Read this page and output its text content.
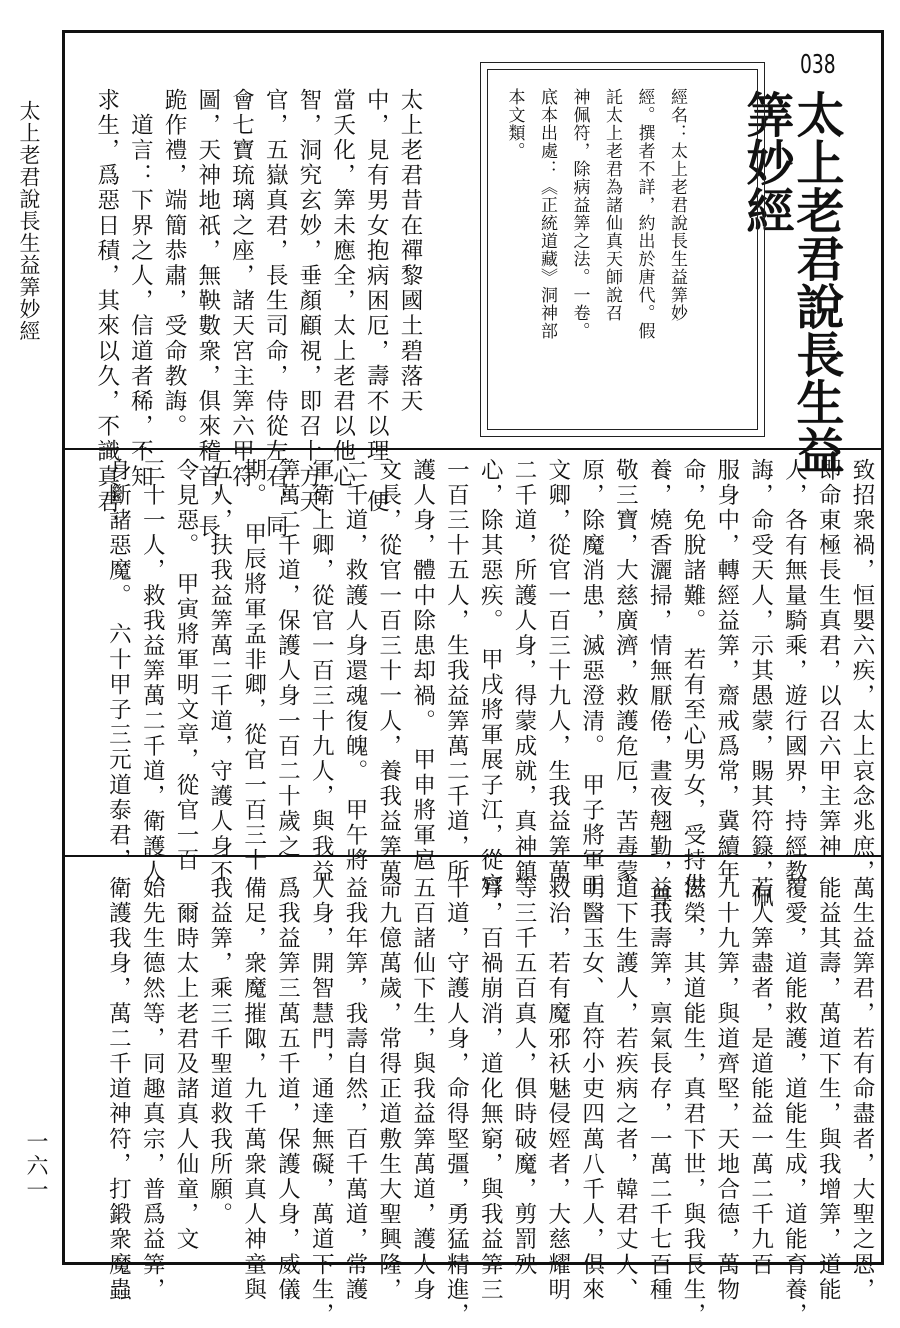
太上老君說長生益筭妙經

一六一
038

太上老君說長生益

筭妙經

經名：太上老君說長生益筭妙

經。撰者不詳，約出於唐代。假

託太上老君為諸仙真天師說召

神佩符，除病益筭之法。一卷。

底本出處：《正統道藏》洞神部

本文類。

太上老君昔在禪黎國土碧落天

中，見有男女抱病困厄，壽不以理，便

當夭化，筭未應全，太上老君以他心

智，洞究玄妙，垂顏顧視，即召十方天

官，五嶽真君，長生司命，侍從左右，同

會七寶琉璃之座，諸天宮主筭六甲符

圖，天神地祇，無鞅數衆，俱來稽首，長

跪作禮，端簡恭肅，受命教誨。

　道言：下界之人，信道者稀，不知

求生，爲惡日積，其來以久，不識真君，

致招衆禍，恒嬰六疾，太上哀念兆庶，

即命東極長生真君，以召六甲主筭神

人，各有無量騎乘，遊行國界，持經教

誨，命受天人，示其愚蒙，賜其符籙，佩

服身中，轉經益筭，齋戒爲常，冀續年

命，免脫諸難。　若有至心男女，受持供

養，燒香灑掃，情無厭倦，晝夜翹勤，尊

敬三寶，大慈廣濟，救護危厄，苦毒蒙

原，除魔消患，滅惡澄清。　甲子將軍王

文卿，從官一百三十九人，生我益筭萬

二千道，所護人身，得蒙成就，真神鎮

心，除其惡疾。　甲戌將軍展子江，從官

一百三十五人，生我益筭萬二千道，所

護人身，體中除患却禍。　甲申將軍扈

文長，從官一百三十一人，養我益筭萬

二千道，救護人身還魂復魄。　甲午將

軍衛上卿，從官一百三十九人，與我益

筭萬二千道，保護人身一百二十歲之

期。　甲辰將軍孟非卿，從官一百三十

五人，扶我益筭萬二千道，守護人身不

令見惡。　甲寅將軍明文章，從官一百

三十一人，救我益筭萬二千道，衛護人

身斷諸惡魔。　六十甲子三元道泰君，

萬生益筭君，若有命盡者，大聖之恩，

能益其壽，萬道下生，與我增筭，道能

覆愛，道能救護，道能生成，道能育養，

若人筭盡者，是道能益一萬二千九百

九十九筭，與道齊堅，天地合德，萬物

滋榮，其道能生，真君下世，與我長生，

益我壽筭，禀氣長存，一萬二千七百種

道下生護人，若疾病之者，韓君丈人、

明醫玉女、直符小吏四萬八千人，俱來

救治，若有魔邪袄魅侵娙者，大慈耀明

等三千五百真人，俱時破魔，剪罰殃

殍，百禍崩消，道化無窮，與我益筭三

千道，守護人身，命得堅彊，勇猛精進，

五百諸仙下生，與我益筭萬道，護人身

命九億萬歲，常得正道敷生大聖興隆，

益我年筭，我壽自然，百千萬道，常護

人身，開智慧門，通達無礙，萬道下生，

爲我益筭三萬五千道，保護人身，威儀

備足，衆魔摧陬，九千萬衆真人神童與

我益筭，乘三千聖道救我所願。

　爾時太上老君及諸真人仙童，文

始先生德然等，同趣真宗，普爲益筭，

衛護我身，萬二千道神符，打鍛衆魔蟲
